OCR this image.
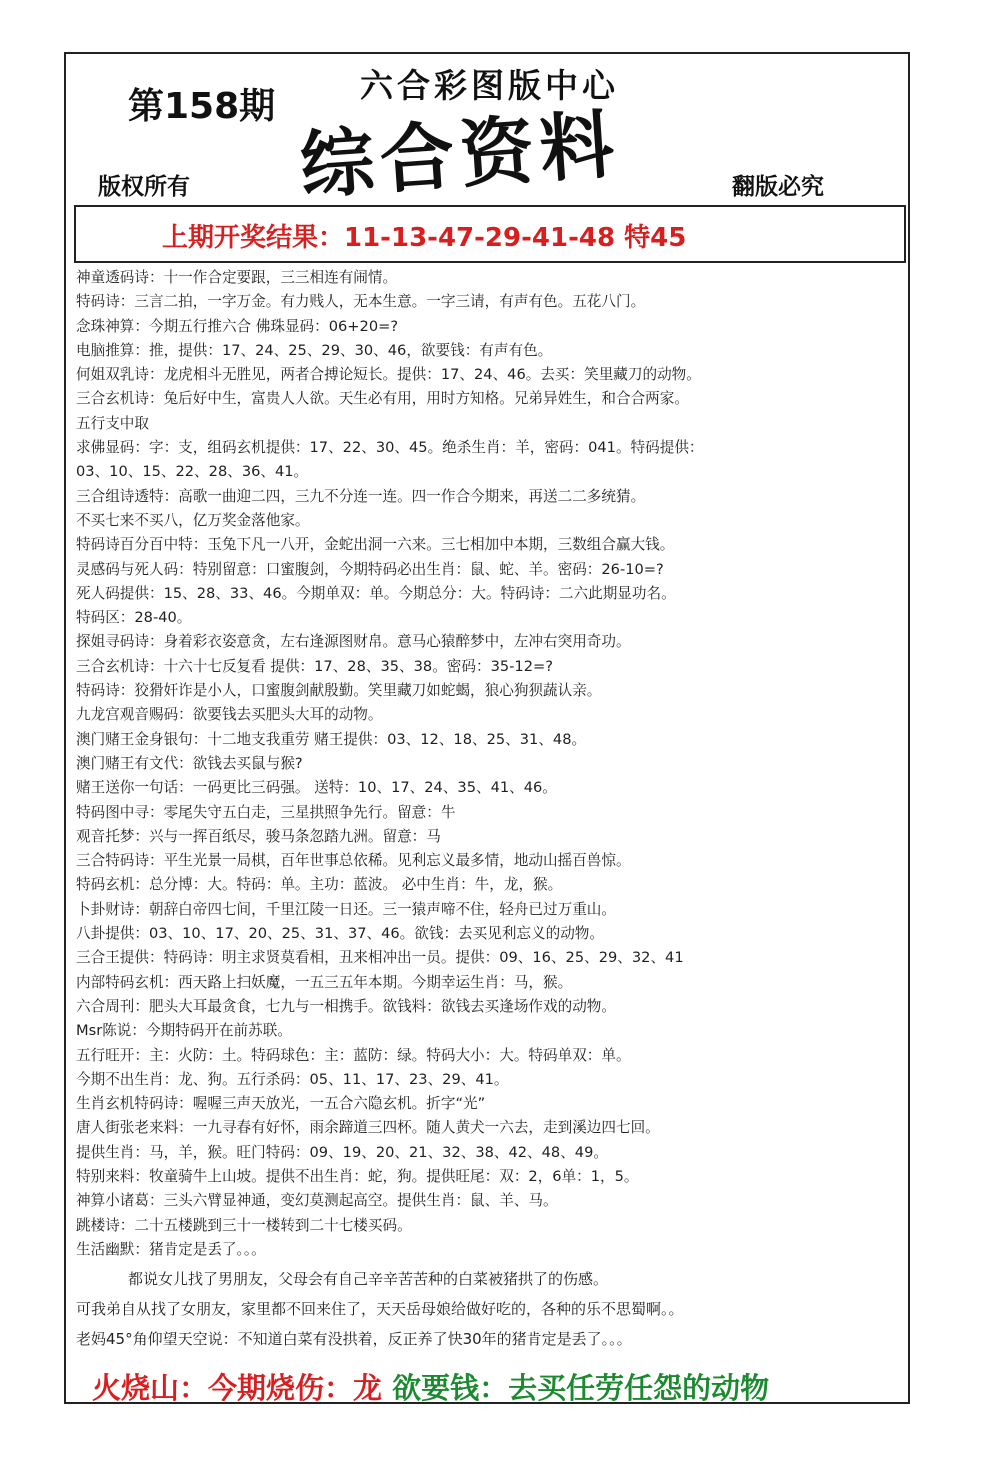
第158期
六合彩图版中心
综合资料
版权所有	翻版必究
上期开奖结果：11-13-47-29-41-48 特45
神童透码诗：十一作合定要跟，三三相连有闹情。
特码诗：三言二拍，一字万金。有力贱人，无本生意。一字三请，有声有色。五花八门。
念珠神算：今期五行推六合 佛珠显码：06+20=?
电脑推算：推，提供：17、24、25、29、30、46，欲要钱：有声有色。
何姐双乳诗：龙虎相斗无胜见，两者合搏论短长。提供：17、24、46。去买：笑里藏刀的动物。
三合玄机诗：兔后好中生，富贵人人欲。天生必有用，用时方知格。兄弟异姓生，和合合两家。
五行支中取
求佛显码：字：支，组码玄机提供：17、22、30、45。绝杀生肖：羊，密码：041。特码提供：
03、10、15、22、28、36、41。
三合组诗透特：高歌一曲迎二四，三九不分连一连。四一作合今期来，再送二二多统猜。
不买七来不买八，亿万奖金落他家。
特码诗百分百中特：玉兔下凡一八开，金蛇出洞一六来。三七相加中本期，三数组合赢大钱。
灵感码与死人码：特别留意：口蜜腹剑，今期特码必出生肖：鼠、蛇、羊。密码：26-10=?
死人码提供：15、28、33、46。今期单双：单。今期总分：大。特码诗：二六此期显功名。
特码区：28-40。
探姐寻码诗：身着彩衣姿意贪，左右逢源图财帛。意马心猿醉梦中，左冲右突用奇功。
三合玄机诗：十六十七反复看 提供：17、28、35、38。密码：35-12=?
特码诗：狡猾奸诈是小人，口蜜腹剑献殷勤。笑里藏刀如蛇蝎，狼心狗狈蔬认亲。
九龙宫观音赐码：欲要钱去买肥头大耳的动物。
澳门赌王金身银句：十二地支我重劳 赌王提供：03、12、18、25、31、48。
澳门赌王有文代：欲钱去买鼠与猴?
赌王送你一句话：一码更比三码强。 送特：10、17、24、35、41、46。
特码图中寻：零尾失守五白走，三星拱照争先行。留意：牛
观音托梦：兴与一挥百纸尽，骏马条忽踏九洲。留意：马
三合特码诗：平生光景一局棋，百年世事总依稀。见利忘义最多情，地动山摇百兽惊。
特码玄机：总分博：大。特码：单。主功：蓝波。 必中生肖：牛，龙，猴。
卜卦财诗：朝辞白帝四七间，千里江陵一日还。三一猿声啼不住，轻舟已过万重山。
八卦提供：03、10、17、20、25、31、37、46。欲钱：去买见利忘义的动物。
三合王提供：特码诗：明主求贤莫看相，丑来相冲出一员。提供：09、16、25、29、32、41
内部特码玄机：西天路上扫妖魔，一五三五年本期。今期幸运生肖：马，猴。
六合周刊：肥头大耳最贪食，七九与一相携手。欲钱料：欲钱去买逢场作戏的动物。
Msr陈说：今期特码开在前苏联。
五行旺开：主：火防：土。特码球色：主：蓝防：绿。特码大小：大。特码单双：单。
今期不出生肖：龙、狗。五行杀码：05、11、17、23、29、41。
生肖玄机特码诗：喔喔三声天放光，一五合六隐玄机。折字“光”
唐人街张老来料：一九寻春有好怀，雨余蹄道三四杯。随人黄犬一六去，走到溪边四七回。
提供生肖：马，羊，猴。旺门特码：09、19、20、21、32、38、42、48、49。
特别来料：牧童骑牛上山坡。提供不出生肖：蛇，狗。提供旺尾：双：2，6单：1，5。
神算小诸葛：三头六臂显神通，变幻莫测起高空。提供生肖：鼠、羊、马。
跳楼诗：二十五楼跳到三十一楼转到二十七楼买码。
生活幽默：猪肯定是丢了。。。
都说女儿找了男朋友，父母会有自己辛辛苦苦种的白菜被猪拱了的伤感。
可我弟自从找了女朋友，家里都不回来住了，天天岳母娘给做好吃的，各种的乐不思蜀啊。。
老妈45°角仰望天空说：不知道白菜有没拱着，反正养了快30年的猪肯定是丢了。。。
火烧山：今期烧伤：龙 欲要钱：去买任劳任怨的动物
